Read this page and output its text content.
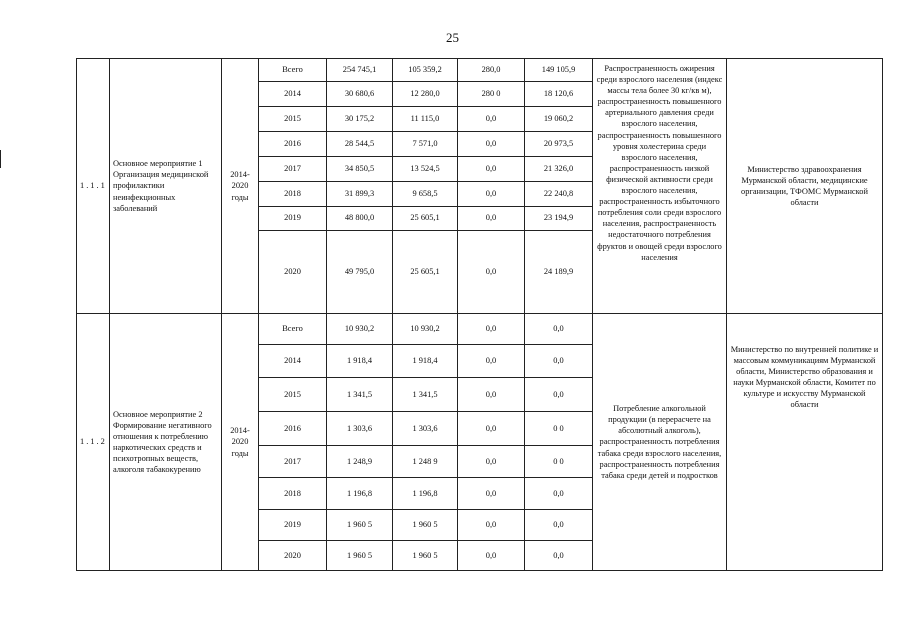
25
1.1.1	Основное мероприятие 1 Организация медицинской профилактики неинфекционных заболеваний	2014-2020 годы	Всего	254 745,1	105 359,2	280,0	149 105,9	Распространенность ожирения среди взрослого населения (индекс массы тела более 30 кг/кв м), распространенность повышенного артериального давления среди взрослого населения, распространенность повышенного уровня холестерина среди взрослого населения, распространенность низкой физической активности среди взрослого населения, распространенность избыточного потребления соли среди взрослого населения, распространенность недостаточного потребления фруктов и овощей среди взрослого населения	Министерство здравоохранения Мурманской области, медицинские организации, ТФОМС Мурманской области
			2014	30 680,6	12 280,0	280 0	18 120,6		
			2015	30 175,2	11 115,0	0,0	19 060,2		
			2016	28 544,5	7 571,0	0,0	20 973,5		
			2017	34 850,5	13 524,5	0,0	21 326,0		
			2018	31 899,3	9 658,5	0,0	22 240,8		
			2019	48 800,0	25 605,1	0,0	23 194,9		
			2020	49 795,0	25 605,1	0,0	24 189,9		
1.1.2	Основное мероприятие 2 Формирование негативного отношения к потреблению наркотических средств и психотропных веществ, алкоголя табакокурению	2014-2020 годы	Всего	10 930,2	10 930,2	0,0	0,0	Потребление алкогольной продукции (в перерасчете на абсолютный алкоголь), распространенность потребления табака среди взрослого населения, распространенность потребления табака среди детей и подростков	Министерство по внутренней политике и массовым коммуникациям Мурманской области, Министерство образования и науки Мурманской области, Комитет по культуре и искусству Мурманской области
			2014	1 918,4	1 918,4	0,0	0,0		
			2015	1 341,5	1 341,5	0,0	0,0		
			2016	1 303,6	1 303,6	0,0	0 0		
			2017	1 248,9	1 248 9	0,0	0 0		
			2018	1 196,8	1 196,8	0,0	0,0		
			2019	1 960 5	1 960 5	0,0	0,0		
			2020	1 960 5	1 960 5	0,0	0,0		
